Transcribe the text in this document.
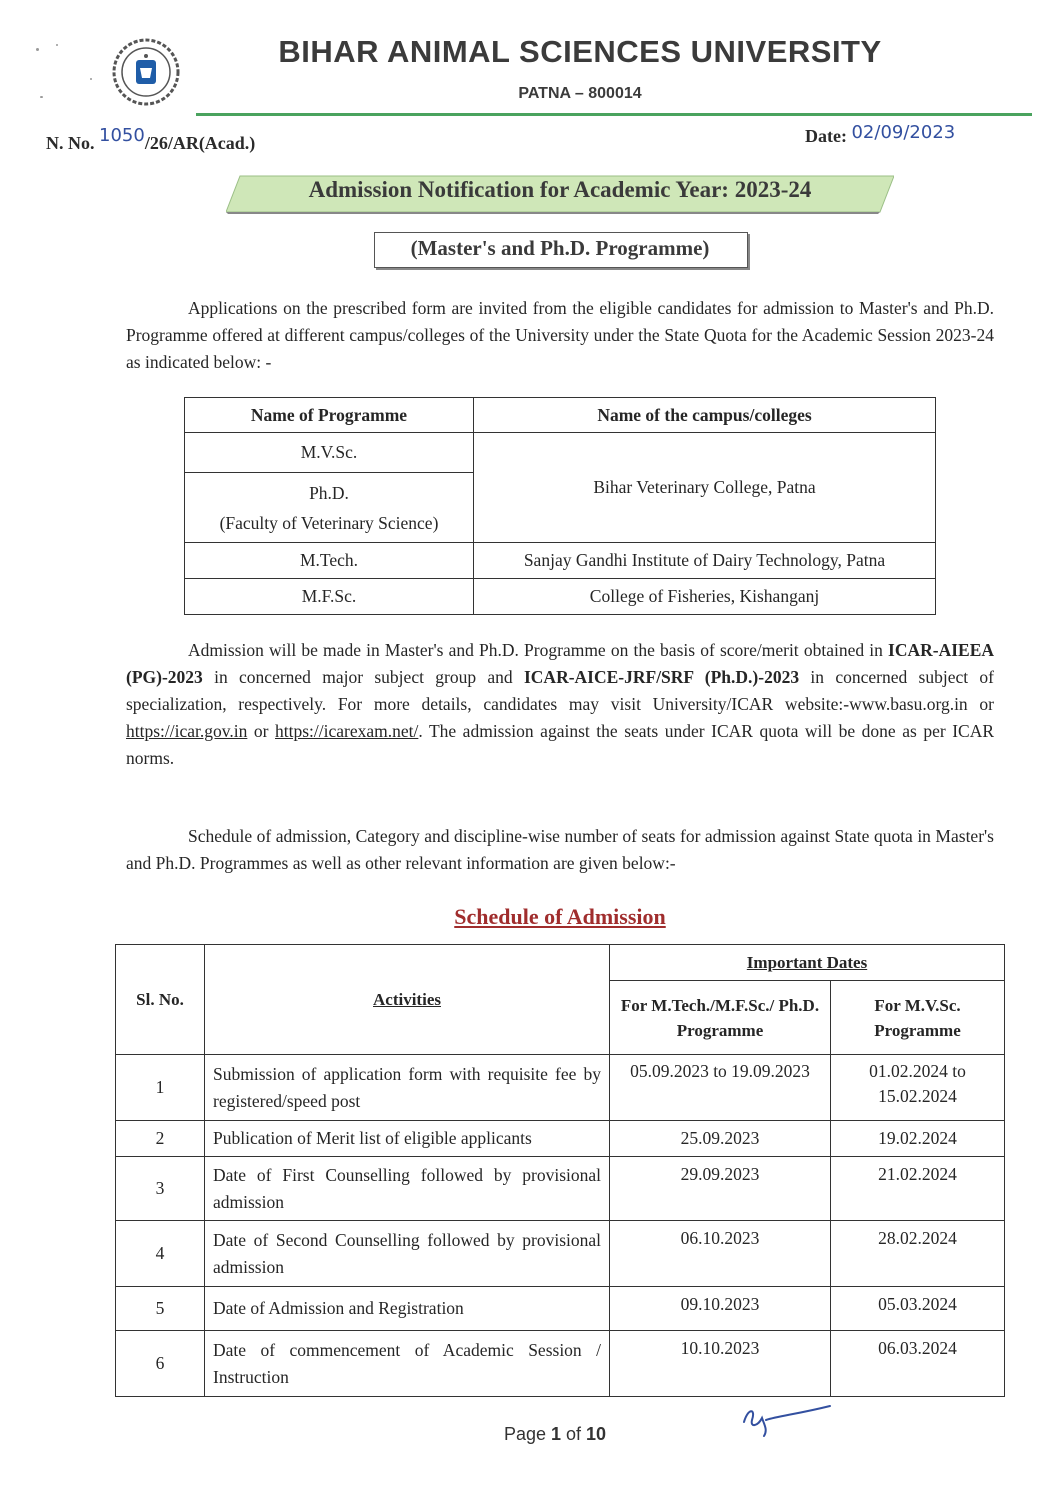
BIHAR ANIMAL SCIENCES UNIVERSITY
PATNA – 800014
N. No. 1050/26/AR(Acad.)	Date: 02/09/2023
Admission Notification for Academic Year: 2023-24
(Master's and Ph.D. Programme)
Applications on the prescribed form are invited from the eligible candidates for admission to Master's and Ph.D. Programme offered at different campus/colleges of the University under the State Quota for the Academic Session 2023-24 as indicated below: -
Name of Programme	Name of the campus/colleges
M.V.Sc.	Bihar Veterinary College, Patna
Ph.D.
(Faculty of Veterinary Science)	
M.Tech.	Sanjay Gandhi Institute of Dairy Technology, Patna
M.F.Sc.	College of Fisheries, Kishanganj
Admission will be made in Master's and Ph.D. Programme on the basis of score/merit obtained in ICAR-AIEEA (PG)-2023 in concerned major subject group and ICAR-AICE-JRF/SRF (Ph.D.)-2023 in concerned subject of specialization, respectively. For more details, candidates may visit University/ICAR website:-www.basu.org.in or https://icar.gov.in or https://icarexam.net/. The admission against the seats under ICAR quota will be done as per ICAR norms.
Schedule of admission, Category and discipline-wise number of seats for admission against State quota in Master's and Ph.D. Programmes as well as other relevant information are given below:-
Schedule of Admission
Sl. No.	Activities	Important Dates	
		For M.Tech./M.F.Sc./ Ph.D. Programme	For M.V.Sc. Programme
1	Submission of application form with requisite fee by registered/speed post	05.09.2023 to 19.09.2023	01.02.2024 to 15.02.2024
2	Publication of Merit list of eligible applicants	25.09.2023	19.02.2024
3	Date of First Counselling followed by provisional admission	29.09.2023	21.02.2024
4	Date of Second Counselling followed by provisional admission	06.10.2023	28.02.2024
5	Date of Admission and Registration	09.10.2023	05.03.2024
6	Date of commencement of Academic Session / Instruction	10.10.2023	06.03.2024
Page 1 of 10
